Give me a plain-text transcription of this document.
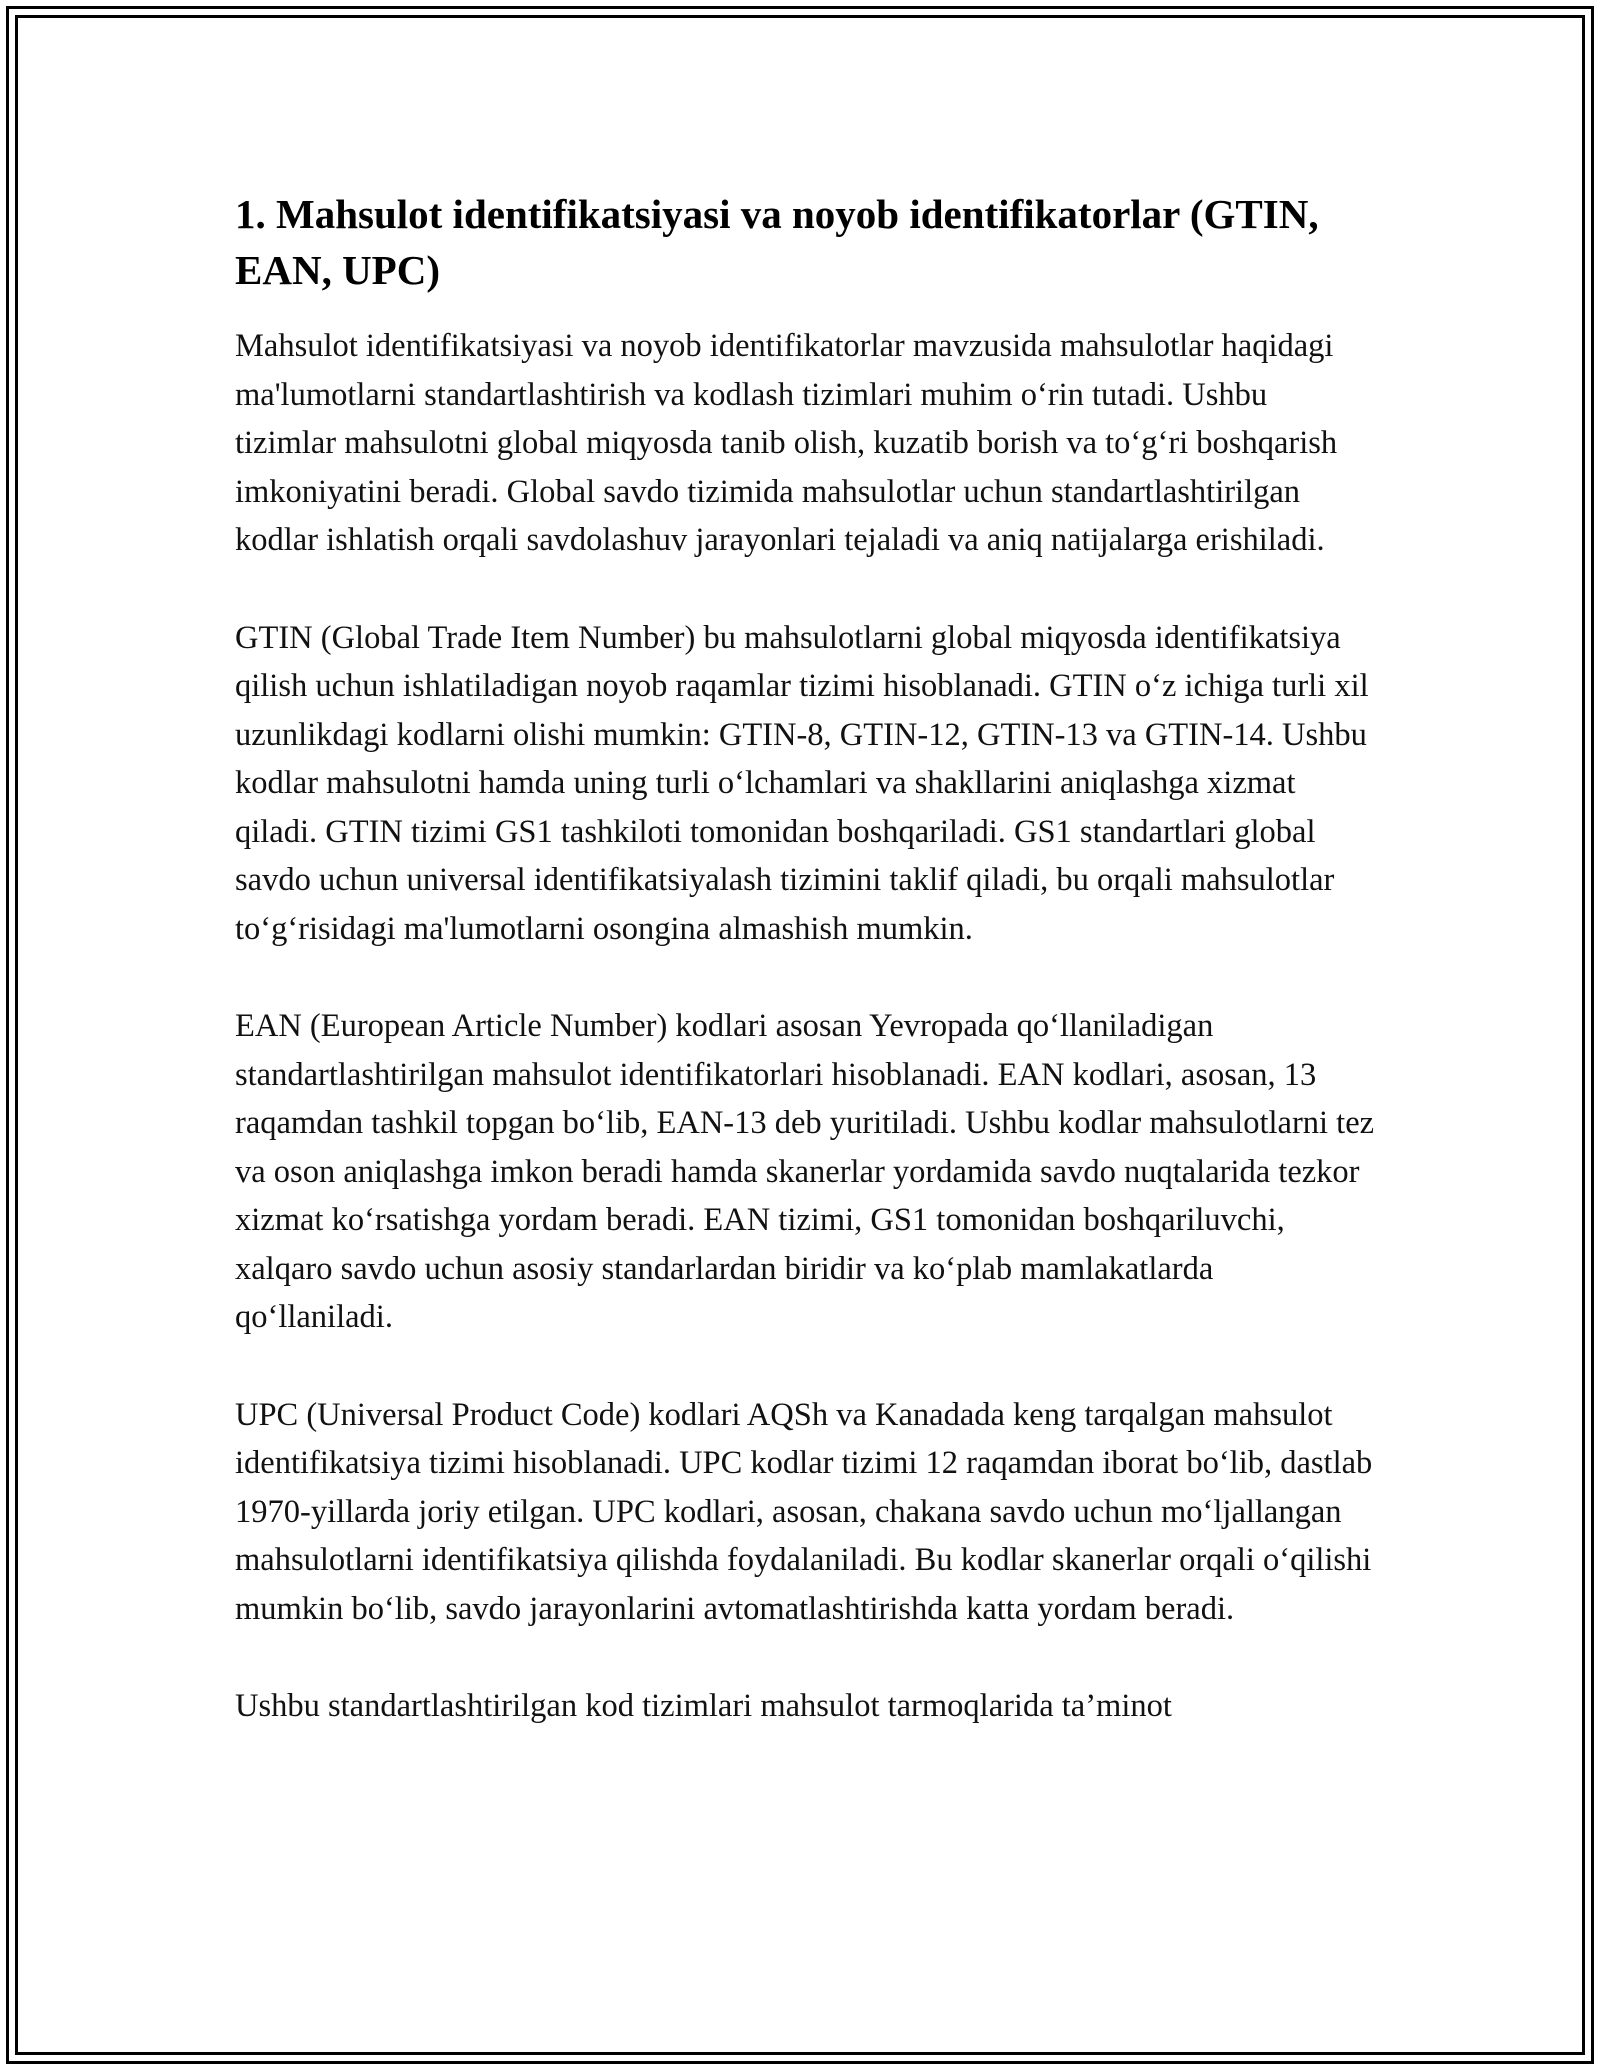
1. Mahsulot identifikatsiyasi va noyob identifikatorlar (GTIN, EAN, UPC)

Mahsulot identifikatsiyasi va noyob identifikatorlar mavzusida mahsulotlar haqidagi ma'lumotlarni standartlashtirish va kodlash tizimlari muhim o‘rin tutadi. Ushbu tizimlar mahsulotni global miqyosda tanib olish, kuzatib borish va to‘g‘ri boshqarish imkoniyatini beradi. Global savdo tizimida mahsulotlar uchun standartlashtirilgan kodlar ishlatish orqali savdolashuv jarayonlari tejaladi va aniq natijalarga erishiladi.

GTIN (Global Trade Item Number) bu mahsulotlarni global miqyosda identifikatsiya qilish uchun ishlatiladigan noyob raqamlar tizimi hisoblanadi. GTIN o‘z ichiga turli xil uzunlikdagi kodlarni olishi mumkin: GTIN-8, GTIN-12, GTIN-13 va GTIN-14. Ushbu kodlar mahsulotni hamda uning turli o‘lchamlari va shakllarini aniqlashga xizmat qiladi. GTIN tizimi GS1 tashkiloti tomonidan boshqariladi. GS1 standartlari global savdo uchun universal identifikatsiyalash tizimini taklif qiladi, bu orqali mahsulotlar to‘g‘risidagi ma'lumotlarni osongina almashish mumkin.

EAN (European Article Number) kodlari asosan Yevropada qo‘llaniladigan standartlashtirilgan mahsulot identifikatorlari hisoblanadi. EAN kodlari, asosan, 13 raqamdan tashkil topgan bo‘lib, EAN-13 deb yuritiladi. Ushbu kodlar mahsulotlarni tez va oson aniqlashga imkon beradi hamda skanerlar yordamida savdo nuqtalarida tezkor xizmat ko‘rsatishga yordam beradi. EAN tizimi, GS1 tomonidan boshqariluvchi, xalqaro savdo uchun asosiy standarlardan biridir va ko‘plab mamlakatlarda qo‘llaniladi.

UPC (Universal Product Code) kodlari AQSh va Kanadada keng tarqalgan mahsulot identifikatsiya tizimi hisoblanadi. UPC kodlar tizimi 12 raqamdan iborat bo‘lib, dastlab 1970-yillarda joriy etilgan. UPC kodlari, asosan, chakana savdo uchun mo‘ljallangan mahsulotlarni identifikatsiya qilishda foydalaniladi. Bu kodlar skanerlar orqali o‘qilishi mumkin bo‘lib, savdo jarayonlarini avtomatlashtirishda katta yordam beradi.

Ushbu standartlashtirilgan kod tizimlari mahsulot tarmoqlarida ta’minot
